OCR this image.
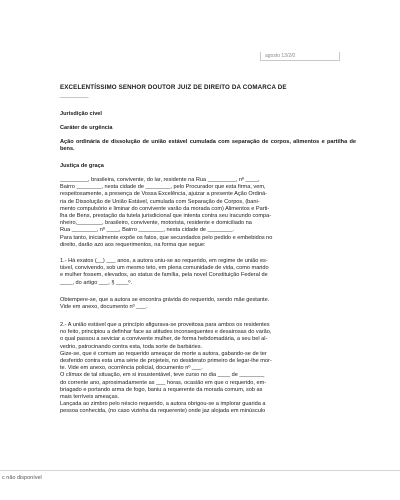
agosto 13/2/0

EXCELENTÍSSIMO SENHOR DOUTOR JUIZ DE DIREITO DA COMARCA DE

________

Jurisdição civel
Caráter de urgência
Ação ordinária de dissolução de união estável cumulada com separação de corpos, alimentos e partilha de bens.
Justiça de graça

_________, brasileira, convivente, do lar, residente na Rua _________, nº ____,

Bairro ________, nesta cidade de ________, pelo Procurador que esta firma, vem,

respeitosamente, a presença de Vossa Excelência, ajuizar a presente Ação Ordiná-

ria de Dissolução de União Estável, cumulada com Separação de Corpos, (bani-

mento compulsório e liminar do convivente varão da morada com) Alimentos e Parti-

lha de Bens, prestação da tutela jurisdicional que intenta contra seu iracundo compa-

nheiro,________, brasileiro, convivente, motorista, residente e domiciliado na

Rua ________, nº ____, Bairro ________, nesta cidade de ________.

Para tanto, inicialmente expõe os fatos, que secundados pelo pedido e embebidos no

direito, darão azo aos requerimentos, na forma que segue:

1.- Há exatos (__) ___ anos, a autora uniu-se ao requerido, em regime de união es-

tável, convivendo, sob um mesmo teto, em plena comunidade de vida, como marido

e mulher fossem, elevados, ao status de família, pela novel Constituição Federal de

____, do artigo ___, § ____º.

Obtempere-se, que a autora se encontra grávida do requerido, sendo mãe gestante.

Vide em anexo, documento nº ___.

2.- A união estável que a princípio afigurava-se proveitosa para ambos os residentes

no feito, principiou a definhar face as atitudes inconsequentes e desairosas do varão,

o qual passou a seviciar a convivente mulher, de forma hebdomadária, a seu bel al-

vedrio, patrocinando contra esta, toda sorte de barbáries.

Gize-se, que é comum ao requerido ameaçar de morte a autora, gabando-se de ter

desferido contra esta uma série de projeteis, no desiderato primeiro de legar-lhe mor-

te. Vide em anexo, ocorrência policial, documento nº ___.

O clímax de tal situação, em si insustentável, teve curso no dia ____ de ________

do corrente ano, aproximadamente as ___ horas, ocasião em que o requerido, em-

briagado e portando arma de fogo, baniu a requerente da morada comum, sob as

mais terríveis ameaças.

Lançada ao zimbro pelo néscio requerido, a autora obrigou-se a implorar guarida a

pessoa conhecida, (no caso vizinha da requerente) onde jaz alojada em minúsculo

c não disponível
